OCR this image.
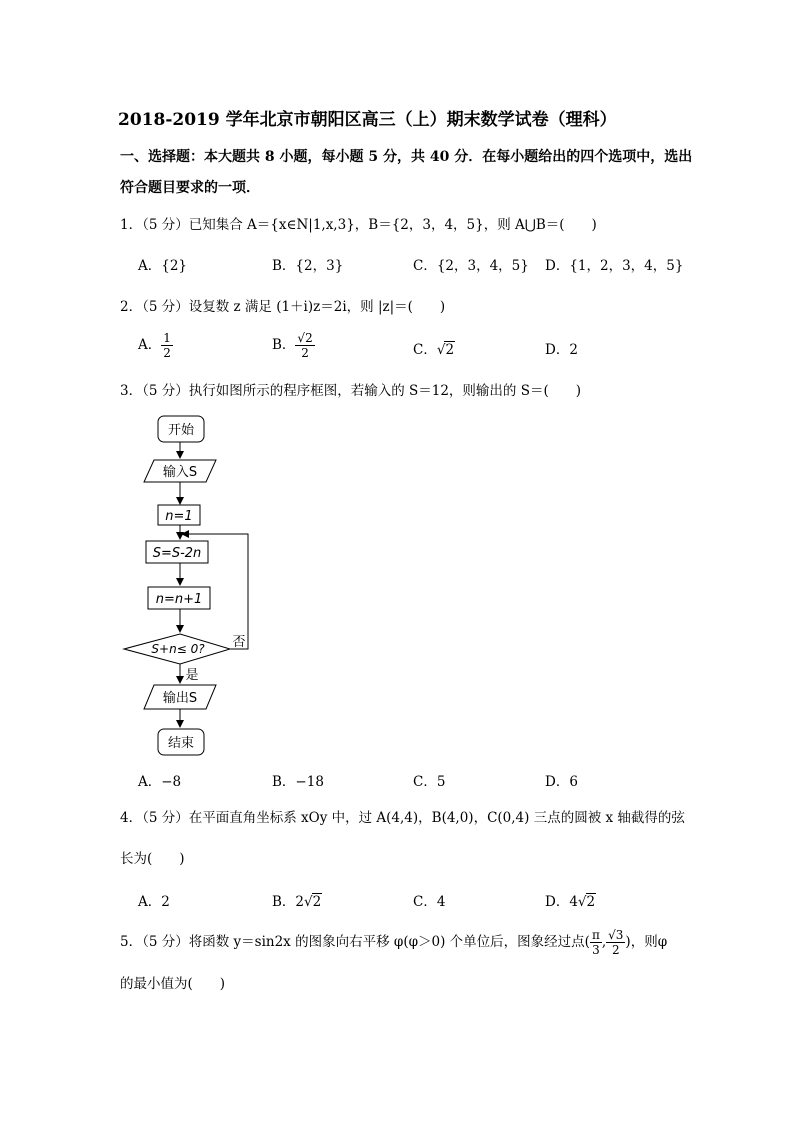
2018-2019 学年北京市朝阳区高三（上）期末数学试卷（理科）
一、选择题：本大题共 8 小题，每小题 5 分，共 40 分．在每小题给出的四个选项中，选出
符合题目要求的一项．
1．（5 分）已知集合 A＝{x∈N|1,x,3}，B＝{2，3，4，5}，则 A⋃B＝(　　)
A．{2}	B．{2，3}	C．{2，3，4，5} D．{1，2，3，4，5}
2．（5 分）设复数 z 满足 (1＋i)z＝2i，则 |z|＝(　　)
A． $\frac{1}{2}$	B． $\frac{√2}{2}$	C．√2	D．2
3．（5 分）执行如图所示的程序框图，若输入的 S＝12，则输出的 S＝(　　)
开始
输入S
n=1
S=S-2n
n=n+1
S+n≤ 0? 否
是
输出S
结束
A．−8	B．−18	C．5	D．6
4．（5 分）在平面直角坐标系 xOy 中，过 A(4,4)，B(4,0)，C(0,4) 三点的圆被 x 轴截得的弦
长为(　　)
A．2	B．2√2	C．4	D．4√2
5．（5 分）将函数 y＝sin2x 的图象向右平移 φ(φ＞0) 个单位后，图象经过点( $\frac{\pi}{3}$ , $\frac{√3}{2}$ )，则φ
的最小值为(　　)
